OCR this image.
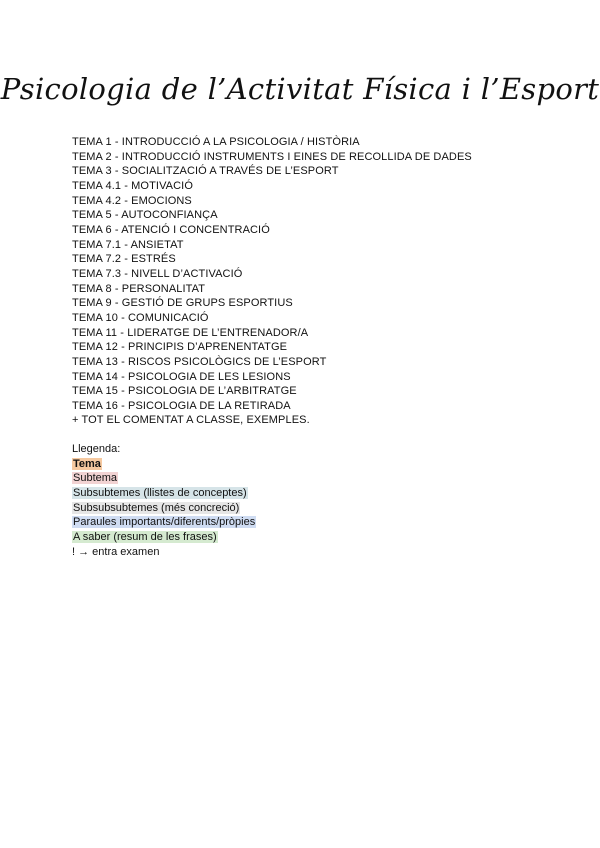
Psicologia de l’Activitat Física i l’Esport
TEMA 1 - INTRODUCCIÓ A LA PSICOLOGIA / HISTÒRIA
TEMA 2 - INTRODUCCIÓ INSTRUMENTS I EINES DE RECOLLIDA DE DADES
TEMA 3 - SOCIALITZACIÓ A TRAVÉS DE L’ESPORT
TEMA 4.1 - MOTIVACIÓ
TEMA 4.2 - EMOCIONS
TEMA 5 - AUTOCONFIANÇA
TEMA 6 - ATENCIÓ I CONCENTRACIÓ
TEMA 7.1 - ANSIETAT
TEMA 7.2 - ESTRÉS
TEMA 7.3 - NIVELL D’ACTIVACIÓ
TEMA 8 - PERSONALITAT
TEMA 9 - GESTIÓ DE GRUPS ESPORTIUS
TEMA 10 - COMUNICACIÓ
TEMA 11 - LIDERATGE DE L’ENTRENADOR/A
TEMA 12 - PRINCIPIS D’APRENENTATGE
TEMA 13 - RISCOS PSICOLÒGICS DE L’ESPORT
TEMA 14 - PSICOLOGIA DE LES LESIONS
TEMA 15 - PSICOLOGIA DE L’ARBITRATGE
TEMA 16 - PSICOLOGIA DE LA RETIRADA
+ TOT EL COMENTAT A CLASSE, EXEMPLES.
Llegenda:
Tema
Subtema
Subsubtemes (llistes de conceptes)
Subsubsubtemes (més concreció)
Paraules importants/diferents/pròpies
A saber (resum de les frases)
! → entra examen
